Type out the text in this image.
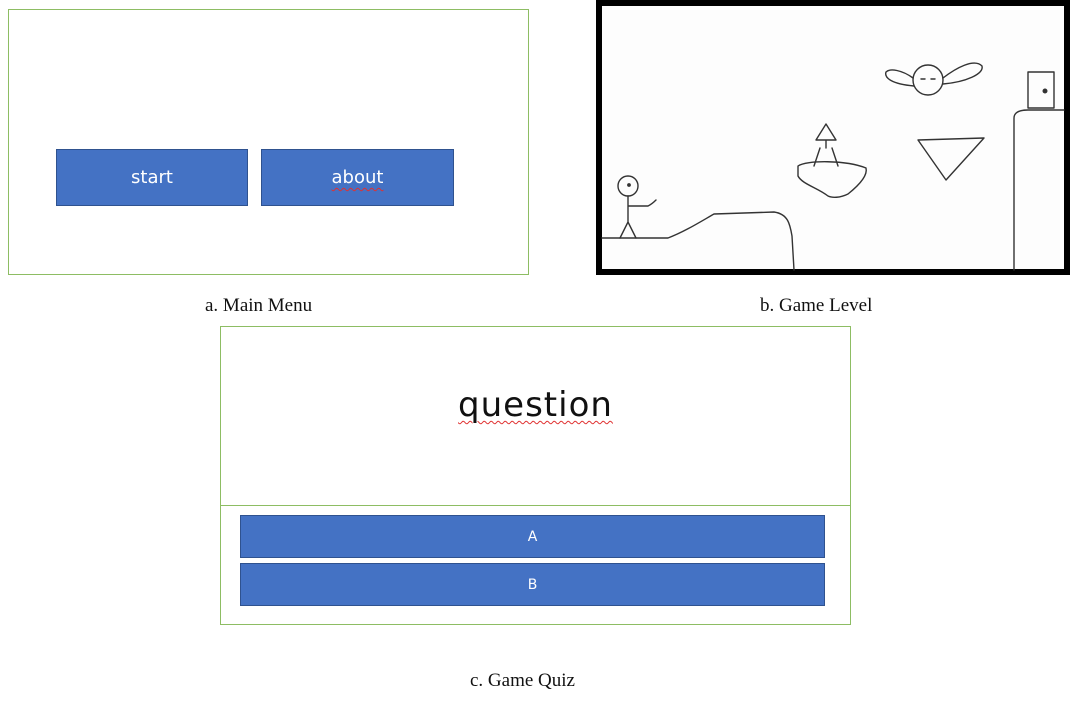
start	about
a. Main Menu	b. Game Level
question
A
B
c. Game Quiz
